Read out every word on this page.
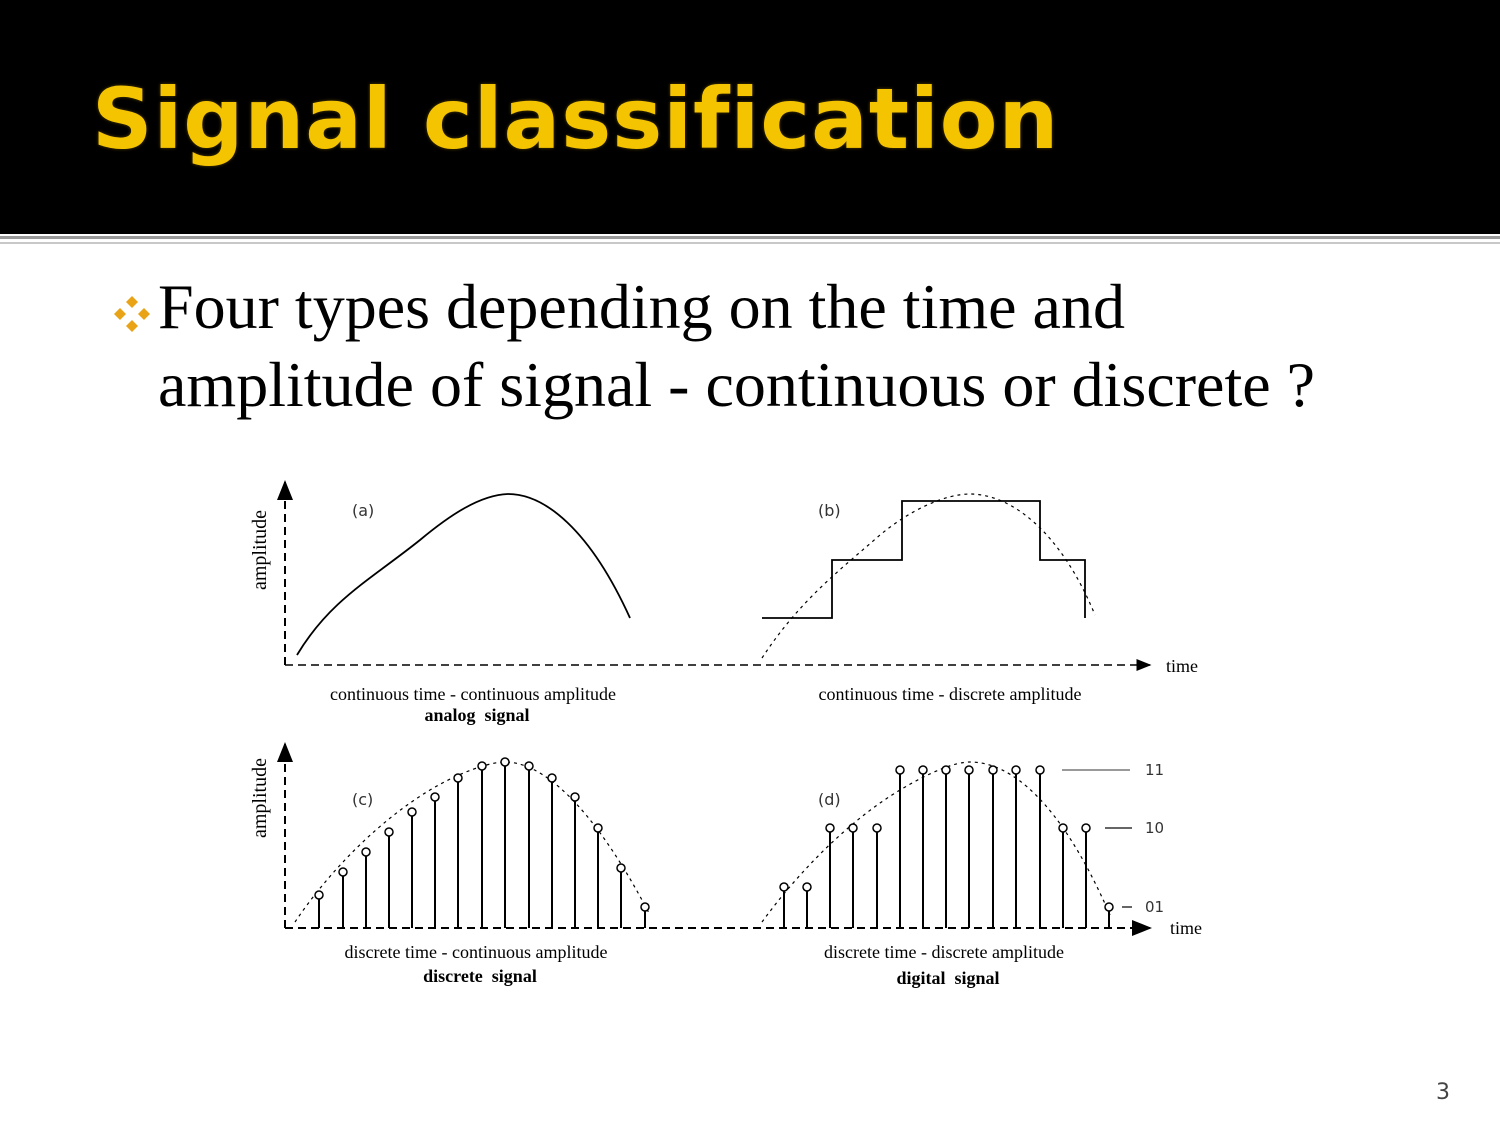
Signal classification
Four types depending on the time and
amplitude of signal - continuous or discrete ?
amplitude
time
(a)
continuous time - continuous amplitude
analog  signal
(b)
continuous time - discrete amplitude
amplitude
time
(c)
discrete time - continuous amplitude
discrete  signal
(d)
11
10
01
discrete time - discrete amplitude
digital  signal
3
